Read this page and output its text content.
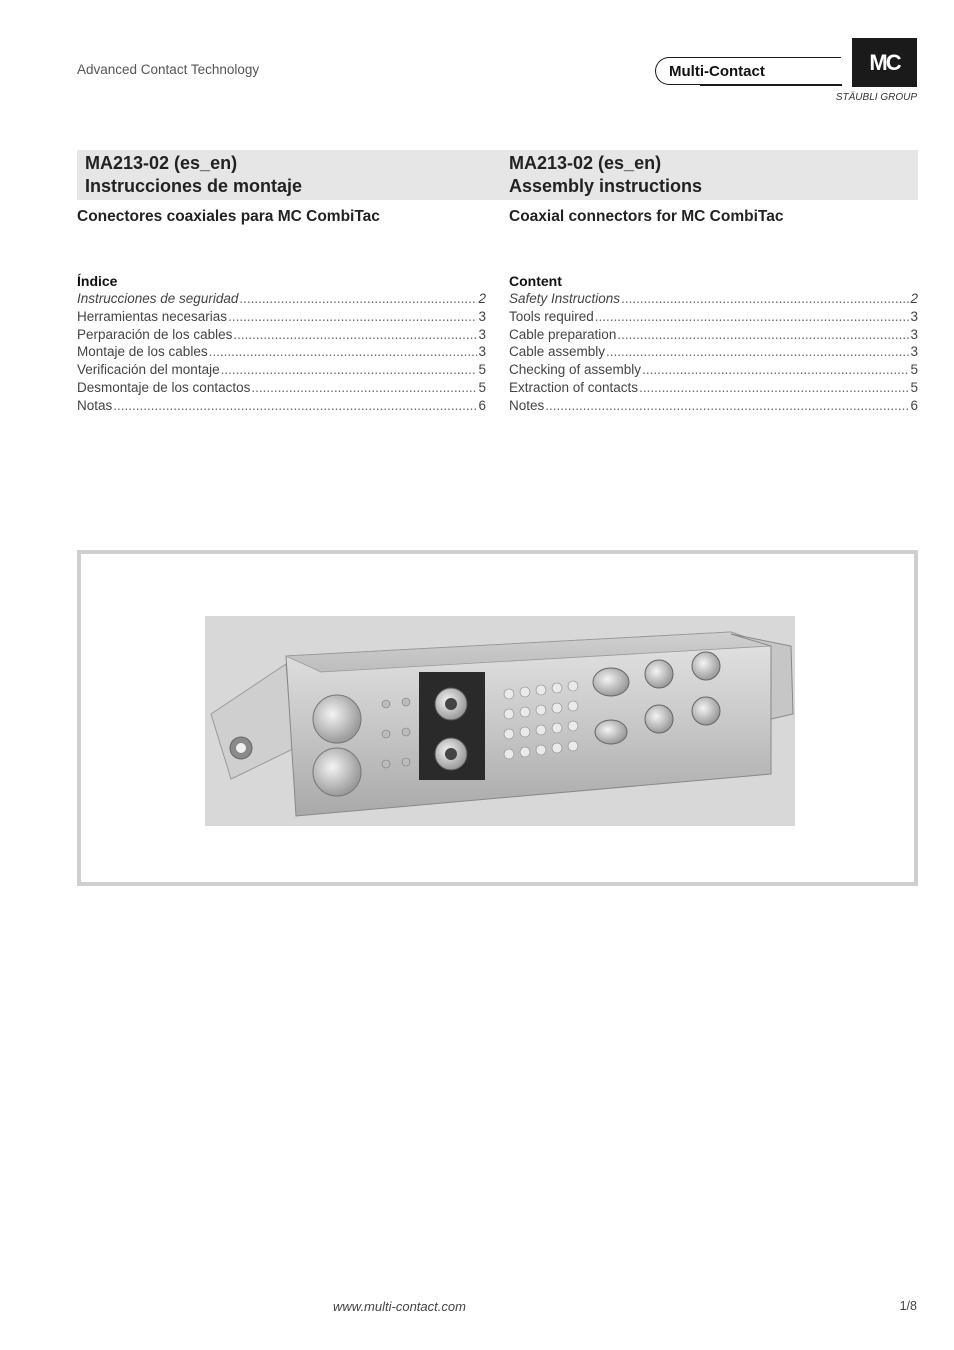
Advanced Contact Technology	Multi-Contact	MC
STÄUBLI GROUP
MA213-02 (es_en)
Instrucciones de montaje
MA213-02 (es_en)
Assembly instructions
Conectores coaxiales para MC CombiTac	Coaxial connectors for MC CombiTac
Índice
Instrucciones de seguridad .....	2
Herramientas necesarias .....	3
Perparación de los cables .....	3
Montaje de los cables .....	3
Verificación del montaje .....	5
Desmontaje de los contactos .....	5
Notas .....	6
Content
Safety Instructions .....	2
Tools required .....	3
Cable preparation .....	3
Cable assembly .....	3
Checking of assembly .....	5
Extraction of contacts .....	5
Notes .....	6
www.multi-contact.com	1/8
